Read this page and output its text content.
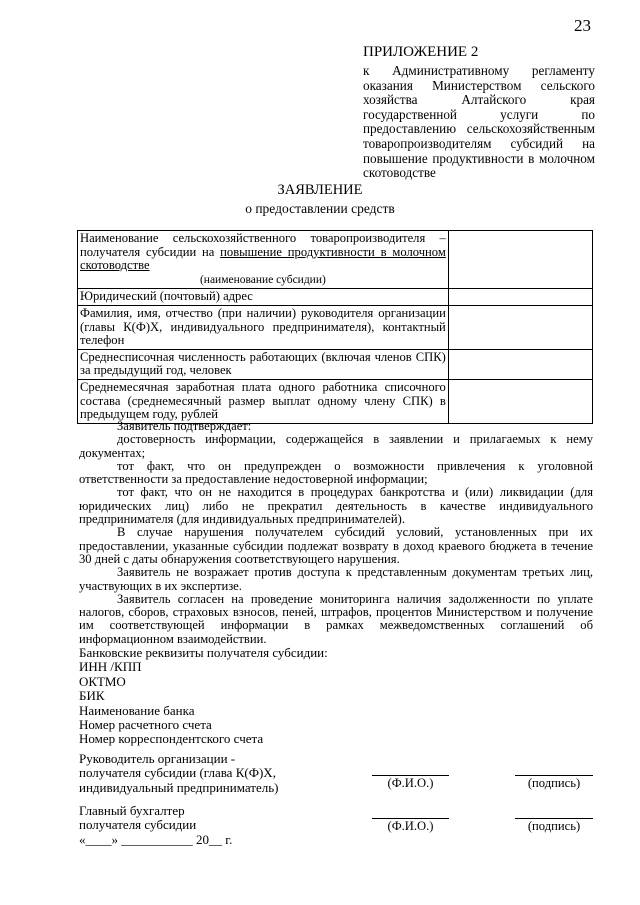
23
ПРИЛОЖЕНИЕ 2
к Административному регламенту оказания Министерством сельского хозяйства Алтайского края государственной услуги по предоставлению сельскохозяйственным товаропроизводителям субсидий на повышение продуктивности в молочном скотоводстве
ЗАЯВЛЕНИЕ
о предоставлении средств
Наименование сельскохозяйственного товаропроизводителя – получателя субсидии на повышение продуктивности в молочном скотоводстве
(наименование субсидии)	

Юридический (почтовый) адрес	
Фамилия, имя, отчество (при наличии) руководителя организации (главы К(Ф)Х, индивидуального предпринимателя), контактный телефон	
Среднесписочная численность работающих (включая членов СПК) за предыдущий год, человек	
Среднемесячная заработная плата одного работника списочного состава (среднемесячный размер выплат одному члену СПК) в предыдущем году, рублей	

Заявитель подтверждает:

достоверность информации, содержащейся в заявлении и прилагаемых к нему документах;

тот факт, что он предупрежден о возможности привлечения к уголовной ответственности за предоставление недостоверной информации;

тот факт, что он не находится в процедурах банкротства и (или) ликвидации (для юридических лиц) либо не прекратил деятельность в качестве индивидуального предпринимателя (для индивидуальных предпринимателей).

В случае нарушения получателем субсидий условий, установленных при их предоставлении, указанные субсидии подлежат возврату в доход краевого бюджета в течение 30 дней с даты обнаружения соответствующего нарушения.

Заявитель не возражает против доступа к представленным документам третьих лиц, участвующих в их экспертизе.

Заявитель согласен на проведение мониторинга наличия задолженности по уплате налогов, сборов, страховых взносов, пеней, штрафов, процентов Министерством и получение им соответствующей информации в рамках межведомственных соглашений об информационном взаимодействии.

Банковские реквизиты получателя субсидии:
ИНН /КПП
ОКТМО
БИК
Наименование банка
Номер расчетного счета
Номер корреспондентского счета
Руководитель организации -
получателя субсидии (глава К(Ф)Х,
индивидуальный предприниматель)	(Ф.И.О.)	(подпись)
Главный бухгалтер
получателя субсидии
«____» ___________ 20__ г.
(Ф.И.О.)	(подпись)
